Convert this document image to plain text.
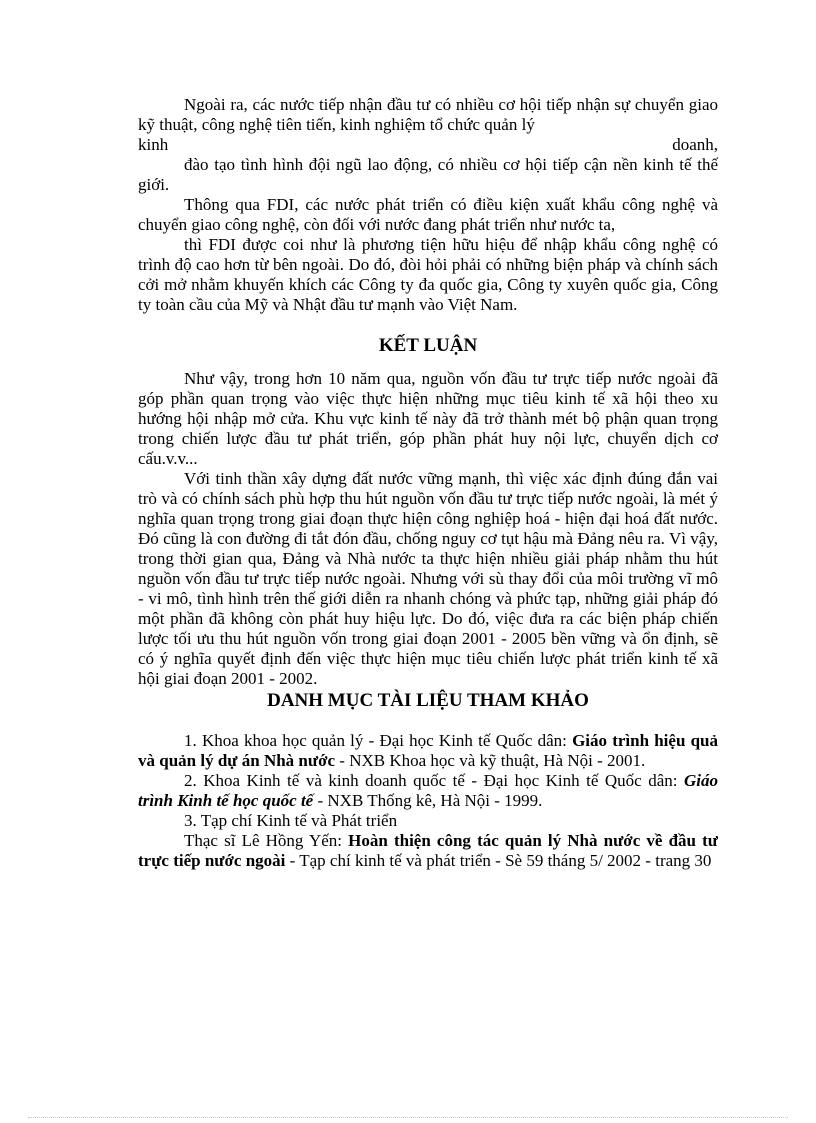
Ngoài ra, các nước tiếp nhận đầu tư có nhiều cơ hội tiếp nhận sự chuyển giao kỹ thuật, công nghệ tiên tiến, kinh nghiệm tổ chức quản lý

kinh	doanh,

đào tạo tình hình đội ngũ lao động, có nhiều cơ hội tiếp cận nền kinh tế thế giới.

Thông qua FDI, các nước phát triển có điều kiện xuất khẩu công nghệ và chuyển giao công nghệ, còn đối với nước đang phát triển như nước ta,

thì FDI được coi như là phương tiện hữu hiệu để nhập khẩu công nghệ có trình độ cao hơn từ bên ngoài. Do đó, đòi hỏi phải có những biện pháp và chính sách cởi mở nhằm khuyến khích các Công ty đa quốc gia, Công ty xuyên quốc gia, Công ty toàn cầu của Mỹ và Nhật đầu tư mạnh vào Việt Nam.

KẾT LUẬN

Như vậy, trong hơn 10 năm qua, nguồn vốn đầu tư trực tiếp nước ngoài đã góp phần quan trọng vào việc thực hiện những mục tiêu kinh tế xã hội theo xu hướng hội nhập mở cửa. Khu vực kinh tế này đã trở thành mét bộ phận quan trọng trong chiến lược đầu tư phát triển, góp phần phát huy nội lực, chuyển dịch cơ cấu.v.v...

Với tinh thần xây dựng đất nước vững mạnh, thì việc xác định đúng đắn vai trò và có chính sách phù hợp thu hút nguồn vốn đầu tư trực tiếp nước ngoài, là mét ý nghĩa quan trọng trong giai đoạn thực hiện công nghiệp hoá - hiện đại hoá đất nước. Đó cũng là con đường đi tắt đón đầu, chống nguy cơ tụt hậu mà Đảng nêu ra. Vì vậy, trong thời gian qua, Đảng và Nhà nước ta thực hiện nhiều giải pháp nhằm thu hút nguồn vốn đầu tư trực tiếp nước ngoài. Nhưng với sù thay đổi của môi trường vĩ mô - vi mô, tình hình trên thế giới diễn ra nhanh chóng và phức tạp, những giải pháp đó một phần đã không còn phát huy hiệu lực. Do đó, việc đưa ra các biện pháp chiến lược tối ưu thu hút nguồn vốn trong giai đoạn 2001 - 2005 bền vững và ổn định, sẽ có ý nghĩa quyết định đến việc thực hiện mục tiêu chiến lược phát triển kinh tế xã hội giai đoạn 2001 - 2002.

DANH MỤC TÀI LIỆU THAM KHẢO

1. Khoa khoa học quản lý - Đại học Kinh tế Quốc dân: Giáo trình hiệu quả và quản lý dự án Nhà nước - NXB Khoa học và kỹ thuật, Hà Nội - 2001.

2. Khoa Kinh tế và kinh doanh quốc tế - Đại học Kinh tế Quốc dân: Giáo trình Kinh tế học quốc tế - NXB Thống kê, Hà Nội - 1999.

3. Tạp chí Kinh tế và Phát triển

Thạc sĩ Lê Hồng Yến: Hoàn thiện công tác quản lý Nhà nước về đầu tư trực tiếp nước ngoài - Tạp chí kinh tế và phát triển - Sè 59 tháng 5/ 2002 - trang 30
